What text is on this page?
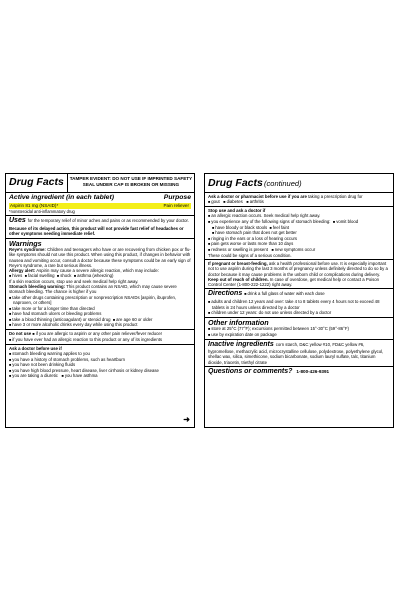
Drug Facts	TAMPER EVIDENT: DO NOT USE IF IMPRINTED SAFETY SEAL UNDER CAP IS BROKEN OR MISSING
Active ingredient (in each tablet)	Purpose
Aspirin 81 mg (NSAID)*	Pain reliever
*nonsteroidal anti-inflammatory drug

Uses for the temporary relief of minor aches and pains or as recommended by your doctor. Because of its delayed action, this product will not provide fast relief of headaches or other symptoms needing immediate relief.

Warnings

Reye's syndrome: Children and teenagers who have or are recovering from chicken pox or flu-like symptoms should not use this product. When using this product, if changes in behavior with nausea and vomiting occur, consult a doctor because these symptoms could be an early sign of Reye's syndrome, a rare but serious illness.

Allergy alert: Aspirin may cause a severe allergic reaction, which may include:

■hives ■facial swelling ■shock ■asthma (wheezing)

If a skin reaction occurs, stop use and seek medical help right away.

Stomach bleeding warning: This product contains an NSAID, which may cause severe stomach bleeding. The chance is higher if you

■take other drugs containing prescription or nonprescription NSAIDs [aspirin, ibuprofen, naproxen, or others]

■take more or for a longer time than directed

■have had stomach ulcers or bleeding problems

■take a blood thinning (anticoagulant) or steroid drug ■are age 60 or older

■have 3 or more alcoholic drinks every day while using this product

Do not use ■if you are allergic to aspirin or any other pain reliever/fever reducer

■if you have ever had an allergic reaction to this product or any of its ingredients

Ask a doctor before use if

■stomach bleeding warning applies to you

■you have a history of stomach problems, such as heartburn

■you have not been drinking fluids

■you have high blood pressure, heart disease, liver cirrhosis or kidney disease

■you are taking a diuretic ■you have asthma

➜
Drug Facts (continued)

Ask a doctor or pharmacist before use if you are taking a prescription drug for

■gout ■diabetes ■arthritis

Stop use and ask a doctor if

■an allergic reaction occurs. Seek medical help right away.

■you experience any of the following signs of stomach bleeding: ■vomit blood

■have bloody or black stools ■feel faint

■have stomach pain that does not get better

■ringing in the ears or a loss of hearing occurs

■pain gets worse or lasts more than 10 days

■redness or swelling is present ■new symptoms occur

These could be signs of a serious condition.

If pregnant or breast-feeding, ask a health professional before use. It is especially important not to use aspirin during the last 3 months of pregnancy unless definitely directed to do so by a doctor because it may cause problems in the unborn child or complications during delivery.

Keep out of reach of children. In case of overdose, get medical help or contact a Poison Control Center (1-800-222-1222) right away.

Directions ■drink a full glass of water with each dose

■adults and children 12 years and over: take 4 to 8 tablets every 4 hours not to exceed 48 tablets in 24 hours unless directed by a doctor

■children under 12 years: do not use unless directed by a doctor

Other information

■store at 25°C (77°F); excursions permitted between 15°-30°C (59°-86°F)

■use by expiration date on package

Inactive ingredients corn starch, D&C yellow #10, FD&C yellow #6, hypromellose, methacrylic acid, microcrystalline cellulose, polydextrose, polyethylene glycol, shellac wax, silica, simethicone, sodium bicarbonate, sodium lauryl sulfate, talc, titanium dioxide, triacetin, triethyl citrate

Questions or comments? 1-800-426-9391
